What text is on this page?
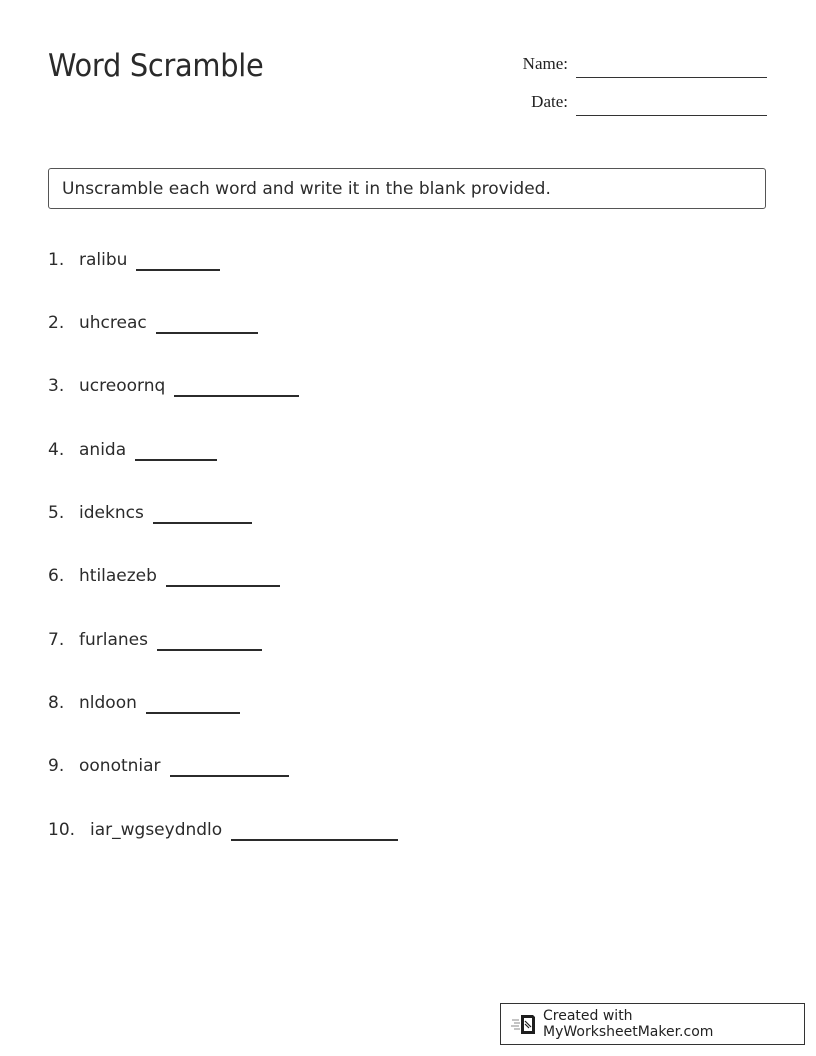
Word Scramble	Name:
Date:
Unscramble each word and write it in the blank provided.
1. ralibu
2. uhcreac
3. ucreoornq
4. anida
5. ideknсs
6. htilaezeb
7. furlanes
8. nldoon
9. oonotniar
10. iar_wgseydndlo
Created with MyWorksheetMaker.com
